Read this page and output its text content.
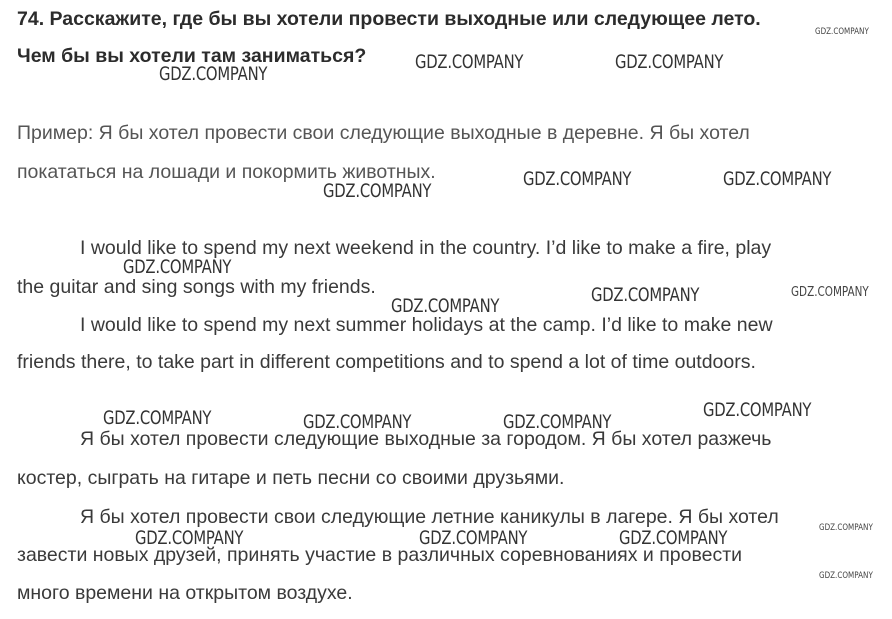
74. Расскажите, где бы вы хотели провести выходные или следующее лето.
Чем бы вы хотели там заниматься?
Пример: Я бы хотел провести свои следующие выходные в деревне. Я бы хотел
покататься на лошади и покормить животных.
I would like to spend my next weekend in the country. I’d like to make a fire, play
the guitar and sing songs with my friends.
I would like to spend my next summer holidays at the camp. I’d like to make new
friends there, to take part in different competitions and to spend a lot of time outdoors.
Я бы хотел провести следующие выходные за городом. Я бы хотел разжечь
костер, сыграть на гитаре и петь песни со своими друзьями.
Я бы хотел провести свои следующие летние каникулы в лагере. Я бы хотел
завести новых друзей, принять участие в различных соревнованиях и провести
много времени на открытом воздухе.
GDZ.COMPANY
GDZ.COMPANY
GDZ.COMPANY	GDZ.COMPANY
GDZ.COMPANY
GDZ.COMPANY	GDZ.COMPANY
GDZ.COMPANY
GDZ.COMPANY	GDZ.COMPANY	GDZ.COMPANY
GDZ.COMPANY	GDZ.COMPANY	GDZ.COMPANY
GDZ.COMPANY
GDZ.COMPANY	GDZ.COMPANY	GDZ.COMPANY	GDZ.COMPANY
GDZ.COMPANY
